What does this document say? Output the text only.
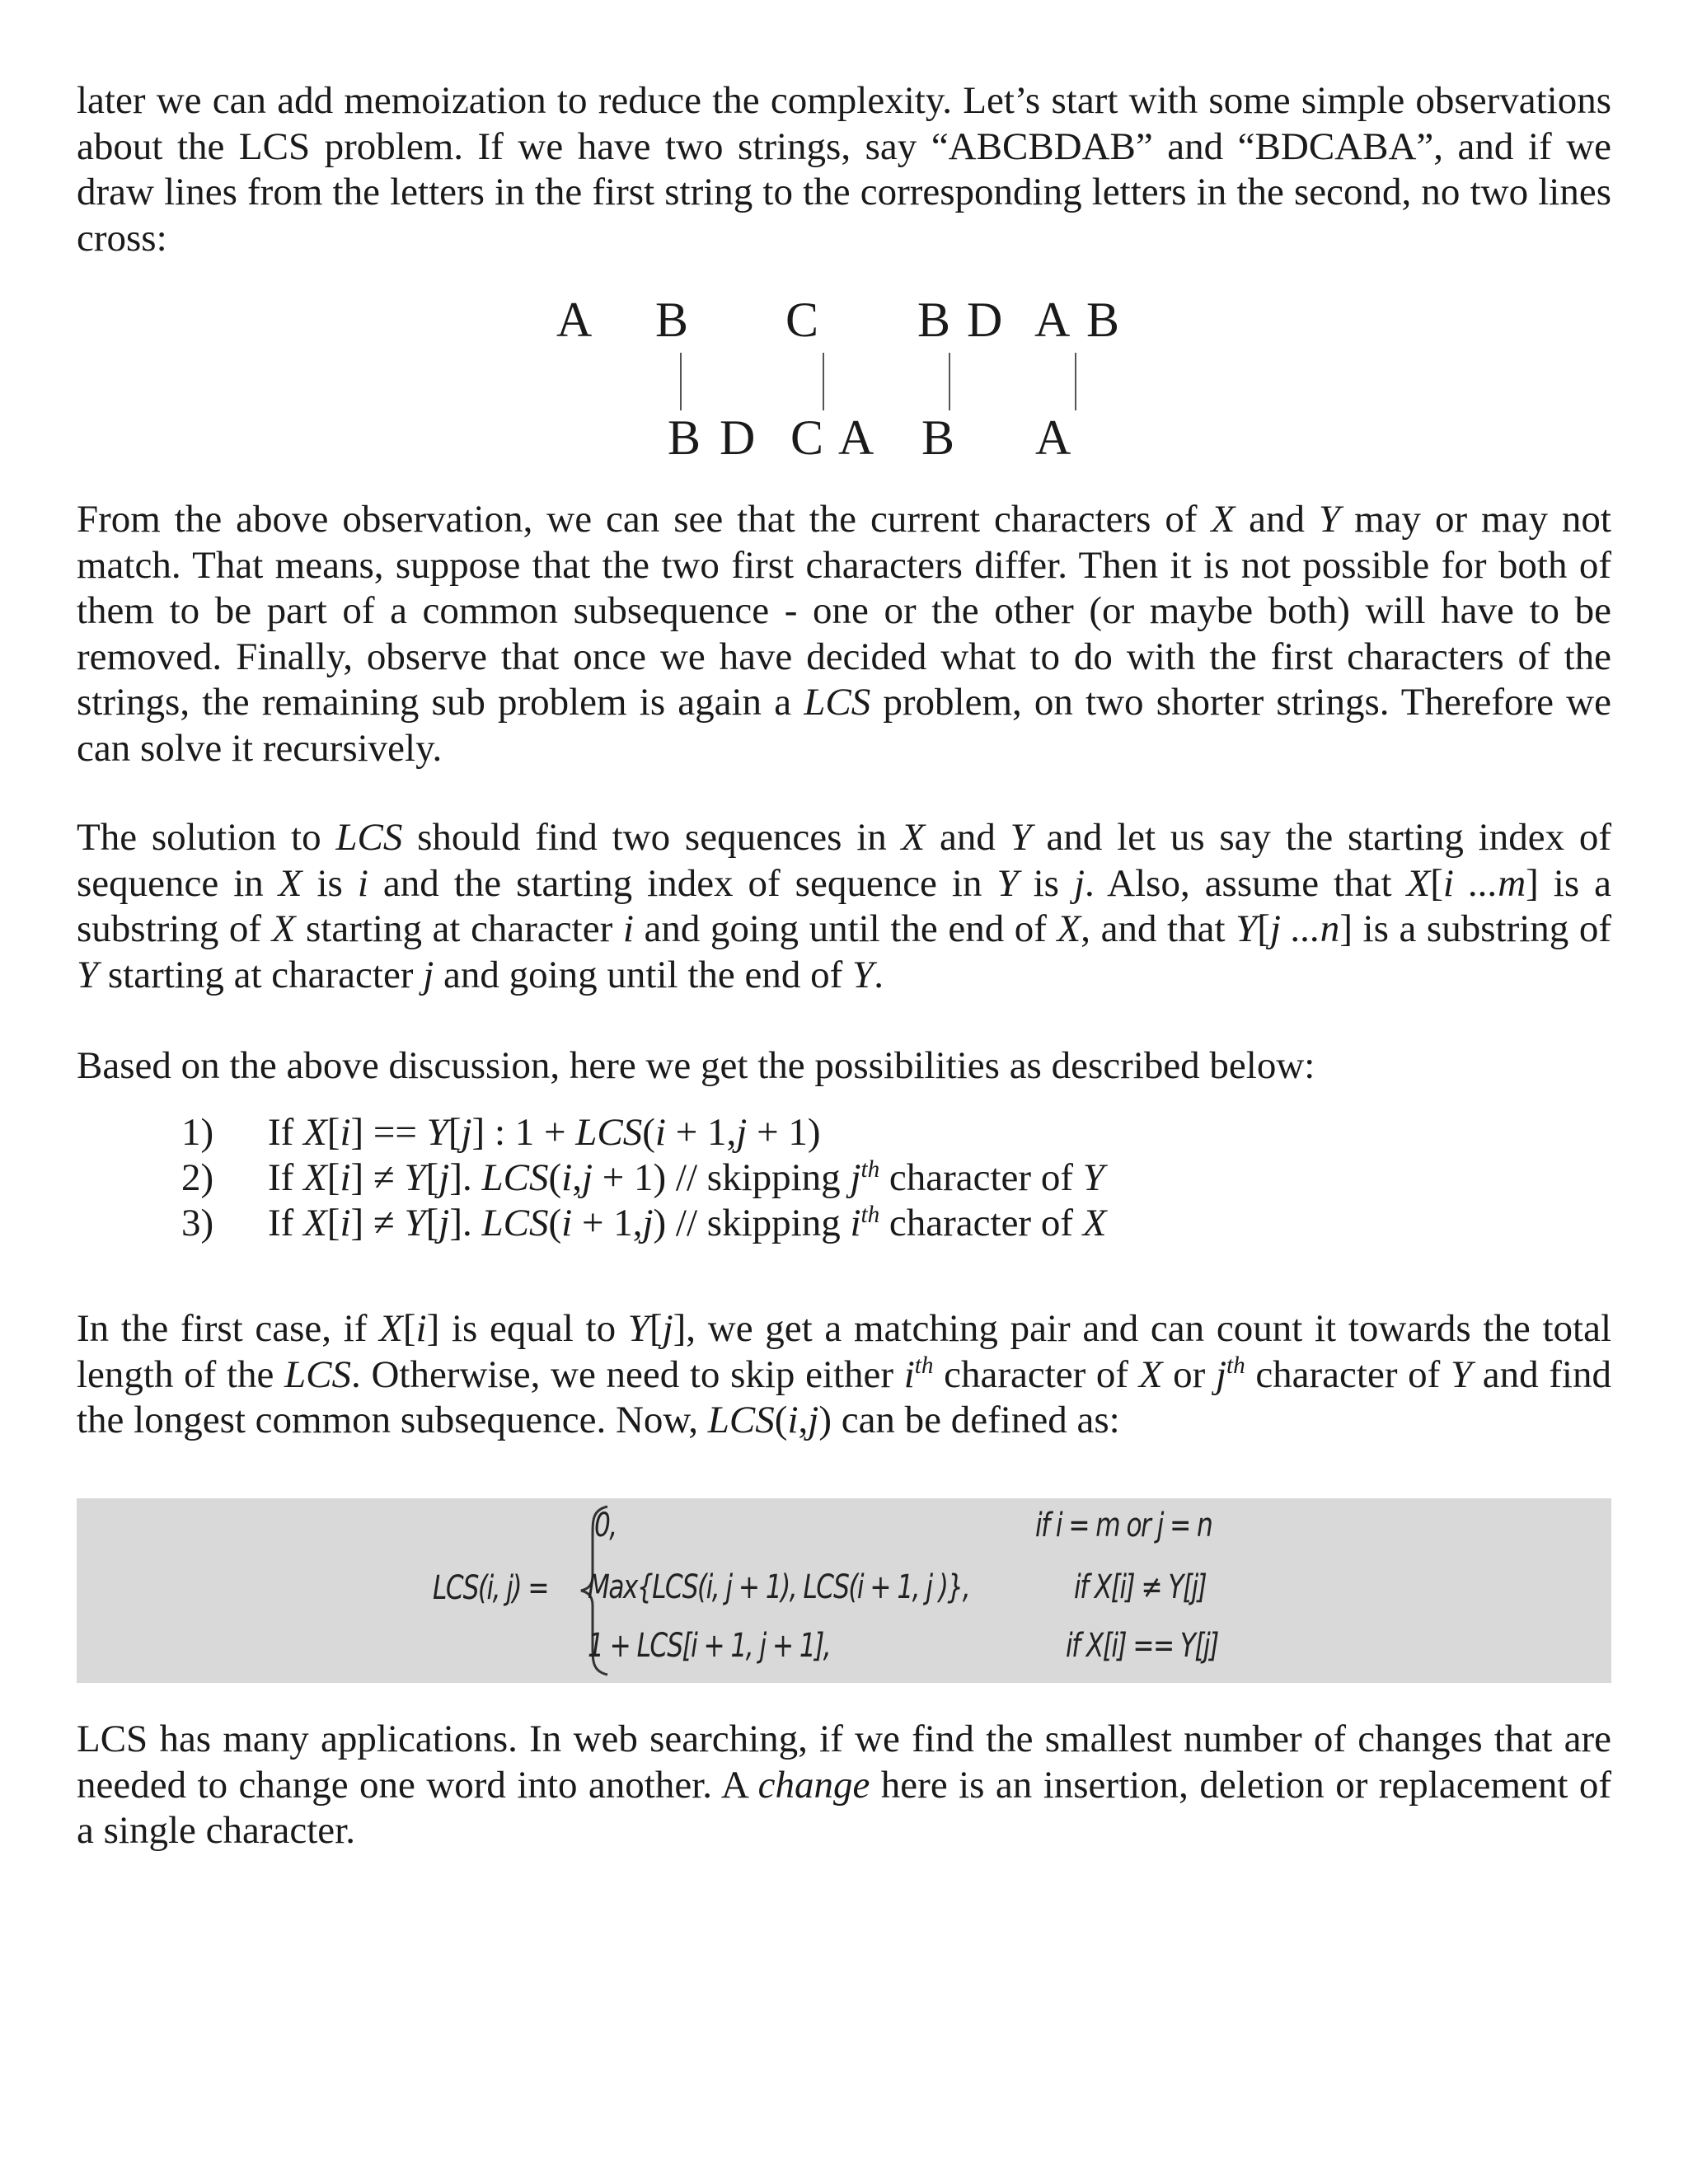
later we can add memoization to reduce the complexity. Let’s start with some simple observations about the LCS problem. If we have two strings, say “ABCBDAB” and “BDCABA”, and if we draw lines from the letters in the first string to the corresponding letters in the second, no two lines cross:

A B C B D A B
B D C A B A

From the above observation, we can see that the current characters of X and Y may or may not match. That means, suppose that the two first characters differ. Then it is not possible for both of them to be part of a common subsequence - one or the other (or maybe both) will have to be removed. Finally, observe that once we have decided what to do with the first characters of the strings, the remaining sub problem is again a LCS problem, on two shorter strings. Therefore we can solve it recursively.

The solution to LCS should find two sequences in X and Y and let us say the starting index of sequence in X is i and the starting index of sequence in Y is j. Also, assume that X[i ...m] is a substring of X starting at character i and going until the end of X, and that Y[j ...n] is a substring of Y starting at character j and going until the end of Y.

Based on the above discussion, here we get the possibilities as described below:

1) If X[i] == Y[j] : 1 + LCS(i + 1,j + 1)
2) If X[i] ≠ Y[j]. LCS(i,j + 1) // skipping $j^{th}$ character of Y
3) If X[i] ≠ Y[j]. LCS(i + 1,j) // skipping $i^{th}$ character of X

In the first case, if X[i] is equal to Y[j], we get a matching pair and can count it towards the total length of the LCS. Otherwise, we need to skip either $i^{th}$ character of X or $j^{th}$ character of Y and find the longest common subsequence. Now, LCS(i,j) can be defined as:

LCS(i, j) =
0,
Max{LCS(i, j + 1), LCS(i + 1, j )},
1 + LCS[i + 1, j + 1],
if i = m or j = n
if X[i] ≠ Y[j]
if X[i] == Y[j]

LCS has many applications. In web searching, if we find the smallest number of changes that are needed to change one word into another. A change here is an insertion, deletion or replacement of a single character.
